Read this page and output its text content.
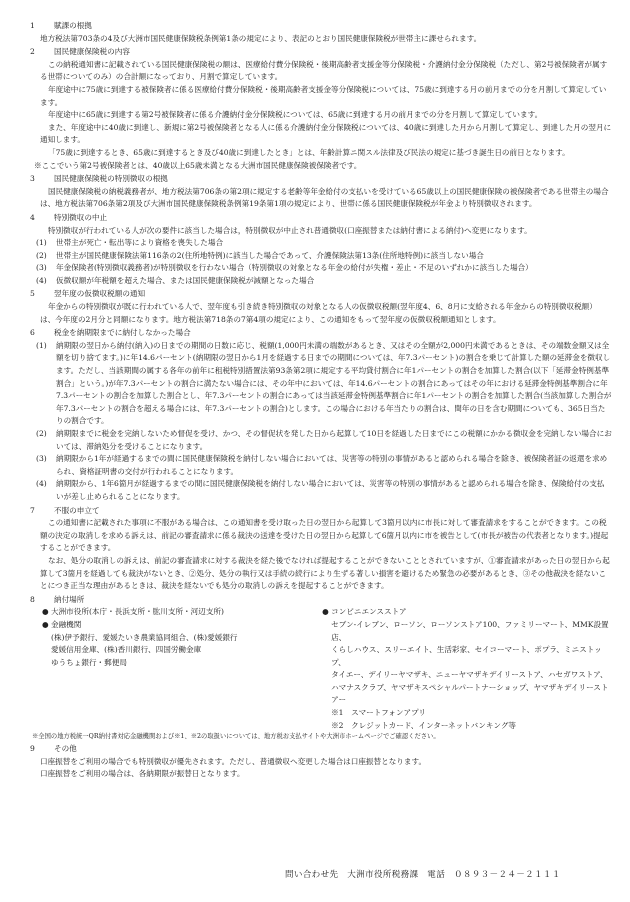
1	賦課の根拠
地方税法第703条の4及び大洲市国民健康保険税条例第1条の規定により、表記のとおり国民健康保険税が世帯主に課せられます。
2	国民健康保険税の内容
この納税通知書に記載されている国民健康保険税の額は、医療給付費分保険税・後期高齢者支援金等分保険税・介護納付金分保険税（ただし、第2号被保険者が属する世帯についてのみ）の合計額になっており、月割で算定しています。
年度途中に75歳に到達する被保険者に係る医療給付費分保険税・後期高齢者支援金等分保険税については、75歳に到達する月の前月までの分を月割して算定しています。
年度途中に65歳に到達する第2号被保険者に係る介護納付金分保険税については、65歳に到達する月の前月までの分を月割して算定しています。
また、年度途中に40歳に到達し、新規に第2号被保険者となる人に係る介護納付金分保険税については、40歳に到達した月から月割して算定し、到達した月の翌月に通知します。
「75歳に到達するとき、65歳に到達するとき及び40歳に到達したとき」とは、年齢計算ニ関スル法律及び民法の規定に基づき誕生日の前日となります。
※ここでいう第2号被保険者とは、40歳以上65歳未満となる大洲市国民健康保険被保険者です。
3	国民健康保険税の特別徴収の根拠
国民健康保険税の納税義務者が、地方税法第706条の第2項に規定する老齢等年金給付の支払いを受けている65歳以上の国民健康保険の被保険者である世帯主の場合は、地方税法第706条第2項及び大洲市国民健康保険税条例第19条第1項の規定により、世帯に係る国民健康保険税が年金より特別徴収されます。
4	特別徴収の中止
特別徴収が行われている人が次の要件に該当した場合は，特別徴収が中止され普通徴収(口座振替または納付書による納付)へ変更になります。
(1)	世帯主が死亡・転出等により資格を喪失した場合
(2)	世帯主が国民健康保険法第116条の2(住所地特例)に該当した場合であって、介護保険法第13条(住所地特例)に該当しない場合
(3)	年金保険者(特別徴収義務者)が特別徴収を行わない場合（特別徴収の対象となる年金の給付が失権・差止・不足のいずれかに該当した場合）
(4)	仮徴収額が年税額を超えた場合、または国民健康保険税が減額となった場合
5	翌年度の仮徴収税額の通知
年金からの特別徴収が既に行われている人で、翌年度も引き続き特別徴収の対象となる人の仮徴収税額(翌年度4、6、8月に支給される年金からの特別徴収税額）は、今年度の2月分と同額になります。地方税法第718条の7第4項の規定により、この通知をもって翌年度の仮徴収税額通知とします。
6	税金を納期限までに納付しなかった場合
(1)	納期限の翌日から納付(納入)の日までの期間の日数に応じ、税額(1,000円未満の端数があるとき、又はその全額が2,000円未満であるときは、その端数金額又は全額を切り捨てます。)に年14.6パーセント(納期限の翌日から1月を経過する日までの期間については、年7.3パーセント)の割合を乗じて計算した額の延滞金を徴収します。ただし、当該期間の属する各年の前年に租税特別措置法第93条第2項に規定する平均貸付割合に年1パーセントの割合を加算した割合(以下「延滞金特例基準割合」という。)が年7.3パーセントの割合に満たない場合には、その年中においては、年14.6パーセントの割合にあってはその年における延滞金特例基準割合に年7.3パーセントの割合を加算した割合とし、年7.3パーセントの割合にあっては当該延滞金特例基準割合に年1パーセントの割合を加算した割合(当該加算した割合が年7.3パーセントの割合を超える場合には、年7.3パーセントの割合)とします。この場合における年当たりの割合は、閏年の日を含む期間についても、365日当たりの割合です。
(2)	納期限までに税金を完納しないため督促を受け、かつ、その督促状を発した日から起算して10日を経過した日までにこの税額にかかる徴収金を完納しない場合においては、滞納処分を受けることになります。
(3)	納期限から1年が経過するまでの間に国民健康保険税を納付しない場合においては、災害等の特別の事情があると認められる場合を除き、被保険者証の返還を求められ、資格証明書の交付が行われることになります。
(4)	納期限から、1年6箇月が経過するまでの間に国民健康保険税を納付しない場合においては、災害等の特別の事情があると認められる場合を除き、保険給付の支払いが差し止められることになります。
7	不服の申立て
この通知書に記載された事項に不服がある場合は、この通知書を受け取った日の翌日から起算して3箇月以内に市長に対して審査請求をすることができます。この税額の決定の取消しを求める訴えは、前記の審査請求に係る裁決の送達を受けた日の翌日から起算して6箇月以内に市を被告として(市長が被告の代表者となります。)提起することができます。
なお、処分の取消しの訴えは、前記の審査請求に対する裁決を経た後でなければ提起することができないこととされていますが、①審査請求があった日の翌日から起算して3箇月を経過しても裁決がないとき、②処分、処分の執行又は手続の続行により生ずる著しい損害を避けるため緊急の必要があるとき、③その他裁決を経ないことにつき正当な理由があるときは、裁決を経ないでも処分の取消しの訴えを提起することができます。
8	納付場所
● 大洲市役所(本庁・長浜支所・肱川支所・河辺支所)
● 金融機関
(株)伊予銀行、愛媛たいき農業協同組合、(株)愛媛銀行
愛媛信用金庫、(株)香川銀行、四国労働金庫
ゆうちょ銀行・郵便局
● コンビニエンスストア
セブン-イレブン、ローソン、ローソンストア100、ファミリーマート、MMK設置店、
くらしハウス、スリーエイト、生活彩家、セイコーマート、ポプラ、ミニストップ、
タイエー、デイリーヤマザキ、ニューヤマザキデイリーストア、ハセガワストア、
ハマナスクラブ、ヤマザキスペシャルパートナーショップ、ヤマザキデイリーストアー
※1　 スマートフォンアプリ
※2　 クレジットカード、インターネットバンキング等
※全国の地方税統一QR納付書対応金融機関および※1、※2の取扱いについては、地方税お支払サイトや大洲市ホームページでご確認ください。
9	その他
口座振替をご利用の場合でも特別徴収が優先されます。ただし、普通徴収へ変更した場合は口座振替となります。
口座振替をご利用の場合は、各納期限が振替日となります。
問い合わせ先　大洲市役所税務課　電話　０８９３－２４－２１１１
